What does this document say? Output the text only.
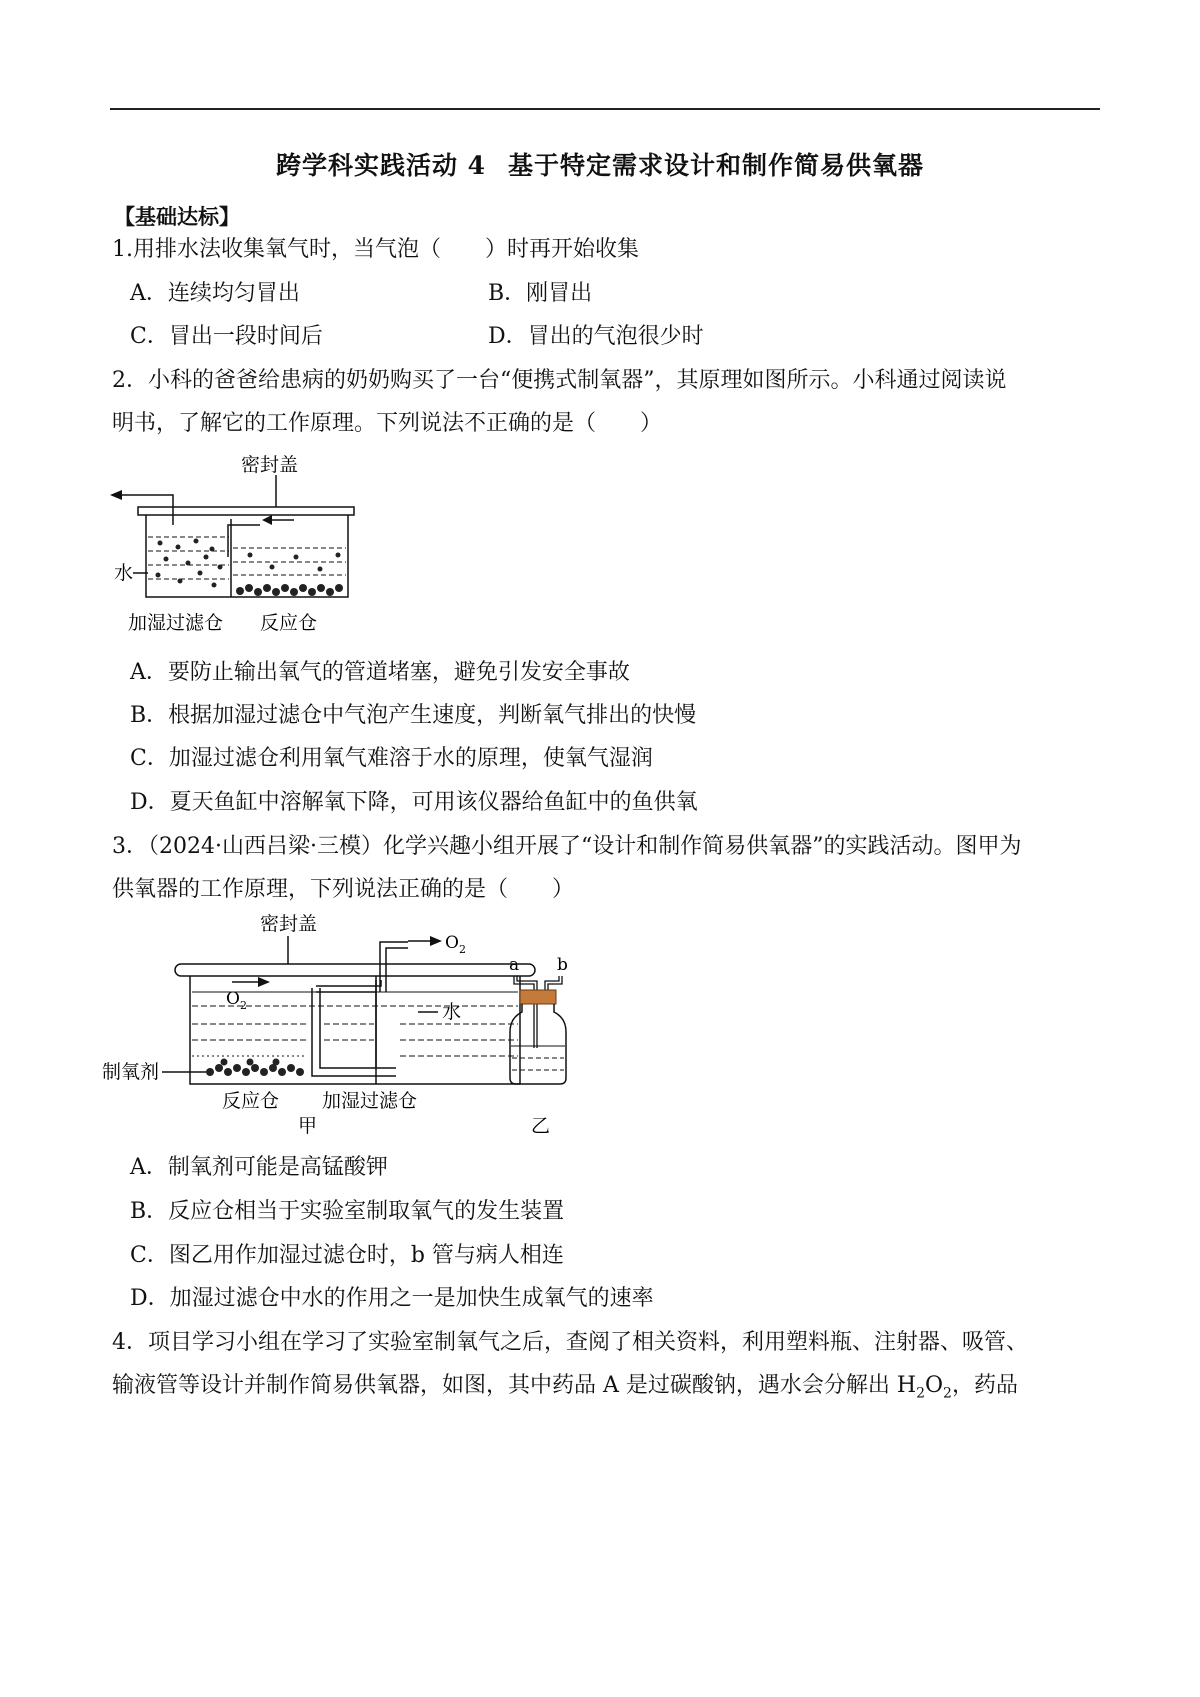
跨学科实践活动 4 基于特定需求设计和制作简易供氧器
【基础达标】
1.用排水法收集氧气时，当气泡（　　）时再开始收集
A．连续均匀冒出	B．刚冒出
C．冒出一段时间后	D．冒出的气泡很少时
2．小科的爸爸给患病的奶奶购买了一台“便携式制氧器”，其原理如图所示。小科通过阅读说
明书，了解它的工作原理。下列说法不正确的是（　　）
密封盖
水
加湿过滤仓 反应仓
A．要防止输出氧气的管道堵塞，避免引发安全事故
B．根据加湿过滤仓中气泡产生速度，判断氧气排出的快慢
C．加湿过滤仓利用氧气难溶于水的原理，使氧气湿润
D．夏天鱼缸中溶解氧下降，可用该仪器给鱼缸中的鱼供氧
3．（2024·山西吕梁·三模）化学兴趣小组开展了“设计和制作简易供氧器”的实践活动。图甲为
供氧器的工作原理，下列说法正确的是（　　）
密封盖
$O_2$
$O_2$
水
制氧剂
反应仓 加湿过滤仓
甲
a b
乙
A．制氧剂可能是高锰酸钾
B．反应仓相当于实验室制取氧气的发生装置
C．图乙用作加湿过滤仓时，b 管与病人相连
D．加湿过滤仓中水的作用之一是加快生成氧气的速率
4．项目学习小组在学习了实验室制氧气之后，查阅了相关资料，利用塑料瓶、注射器、吸管、
输液管等设计并制作简易供氧器，如图，其中药品 A 是过碳酸钠，遇水会分解出 $H_2O_2$，药品
